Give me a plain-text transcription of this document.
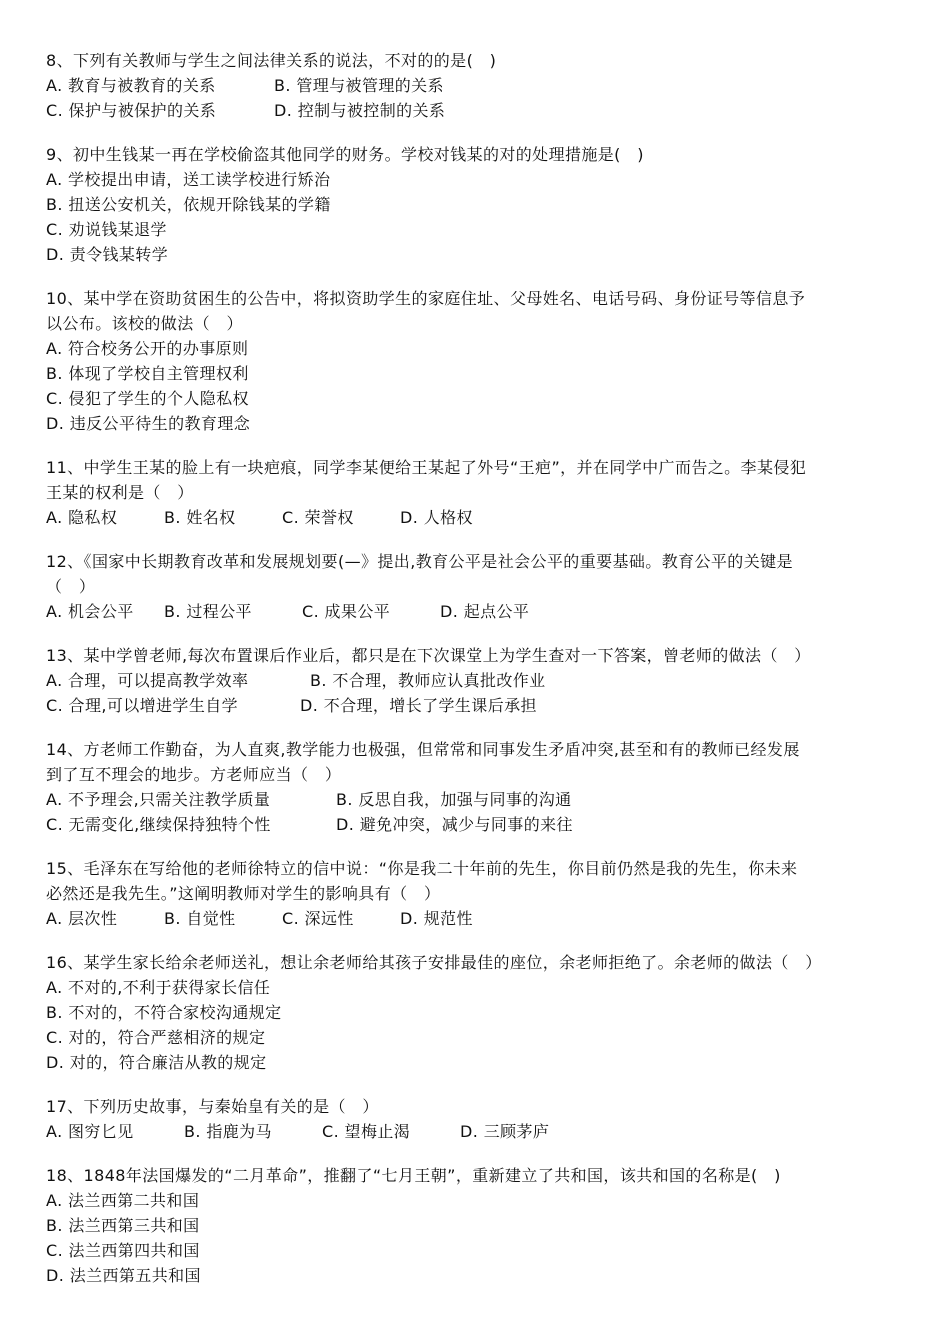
8、下列有关教师与学生之间法律关系的说法，不对的的是(   )
A. 教育与被教育的关系	B. 管理与被管理的关系
C. 保护与被保护的关系	D. 控制与被控制的关系
9、初中生钱某一再在学校偷盗其他同学的财务。学校对钱某的对的处理措施是(   )
A. 学校提出申请，送工读学校进行矫治
B. 扭送公安机关，依规开除钱某的学籍
C. 劝说钱某退学
D. 责令钱某转学
10、某中学在资助贫困生的公告中，将拟资助学生的家庭住址、父母姓名、电话号码、身份证号等信息予
以公布。该校的做法（   ）
A. 符合校务公开的办事原则
B. 体现了学校自主管理权利
C. 侵犯了学生的个人隐私权
D. 违反公平待生的教育理念
11、中学生王某的脸上有一块疤痕，同学李某便给王某起了外号“王疤”，并在同学中广而告之。李某侵犯
王某的权利是（   ）
A. 隐私权	B. 姓名权	C. 荣誉权	D. 人格权
12、《国家中长期教育改革和发展规划要(—》提出,教育公平是社会公平的重要基础。教育公平的关键是
（   ）
A. 机会公平	B. 过程公平	C. 成果公平	D. 起点公平
13、某中学曾老师,每次布置课后作业后，都只是在下次课堂上为学生查对一下答案，曾老师的做法（   ）
A. 合理，可以提高教学效率	B. 不合理，教师应认真批改作业
C. 合理,可以增进学生自学	D. 不合理，增长了学生课后承担
14、方老师工作勤奋，为人直爽,教学能力也极强，但常常和同事发生矛盾冲突,甚至和有的教师已经发展
到了互不理会的地步。方老师应当（   ）
A. 不予理会,只需关注教学质量	B. 反思自我，加强与同事的沟通
C. 无需变化,继续保持独特个性	D. 避免冲突，减少与同事的来往
15、毛泽东在写给他的老师徐特立的信中说：“你是我二十年前的先生，你目前仍然是我的先生，你未来
必然还是我先生。”这阐明教师对学生的影响具有（   ）
A. 层次性	B. 自觉性	C. 深远性	D. 规范性
16、某学生家长给余老师送礼，想让余老师给其孩子安排最佳的座位，余老师拒绝了。余老师的做法（   ）
A. 不对的,不利于获得家长信任
B. 不对的，不符合家校沟通规定
C. 对的，符合严慈相济的规定
D. 对的，符合廉洁从教的规定
17、下列历史故事，与秦始皇有关的是（   ）
A. 图穷匕见	B. 指鹿为马	C. 望梅止渴	D. 三顾茅庐
18、1848年法国爆发的“二月革命”，推翻了“七月王朝”，重新建立了共和国，该共和国的名称是(   )
A. 法兰西第二共和国
B. 法兰西第三共和国
C. 法兰西第四共和国
D. 法兰西第五共和国
